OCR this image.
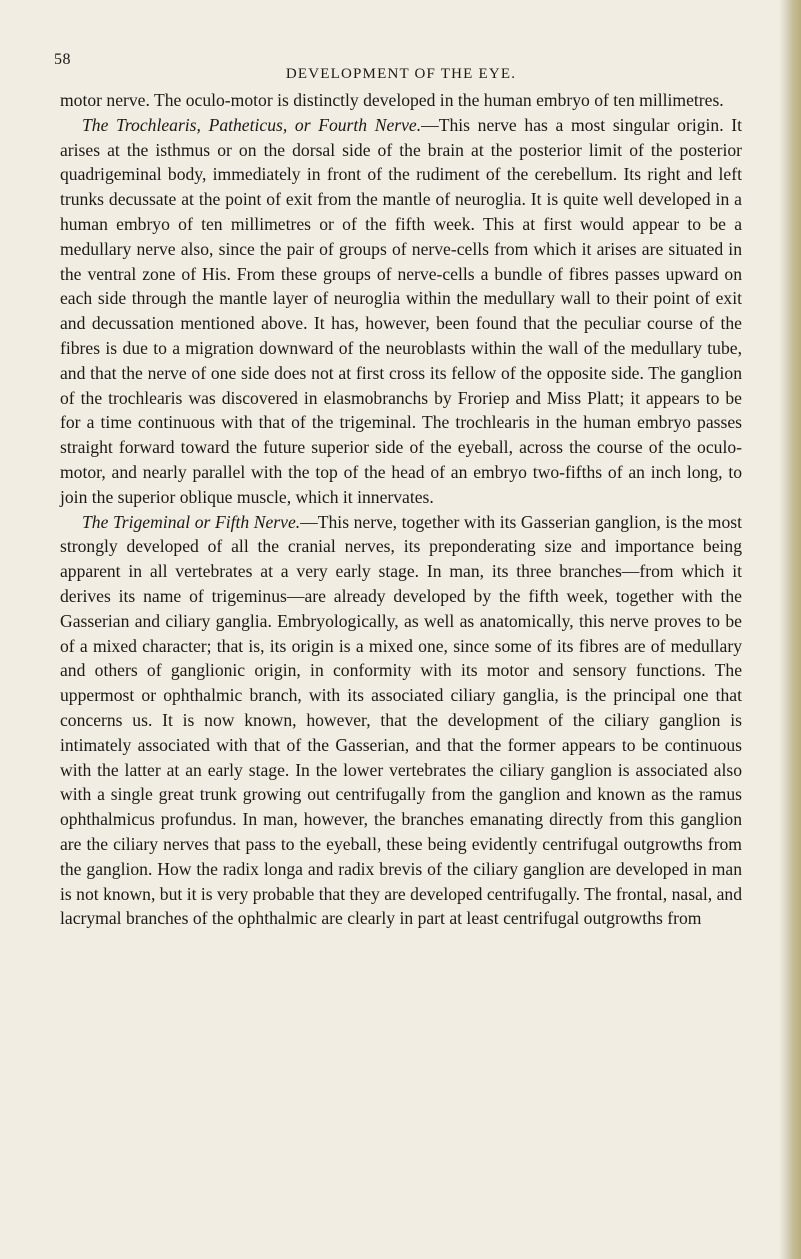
58
DEVELOPMENT OF THE EYE.

motor nerve. The oculo-motor is distinctly developed in the human embryo of ten millimetres.

The Trochlearis, Patheticus, or Fourth Nerve.—This nerve has a most singular origin. It arises at the isthmus or on the dorsal side of the brain at the posterior limit of the posterior quadrigeminal body, immediately in front of the rudiment of the cerebellum. Its right and left trunks decussate at the point of exit from the mantle of neuroglia. It is quite well developed in a human embryo of ten millimetres or of the fifth week. This at first would appear to be a medullary nerve also, since the pair of groups of nerve-cells from which it arises are situated in the ventral zone of His. From these groups of nerve-cells a bundle of fibres passes upward on each side through the mantle layer of neuroglia within the medullary wall to their point of exit and decussation mentioned above. It has, however, been found that the peculiar course of the fibres is due to a migration downward of the neuroblasts within the wall of the medullary tube, and that the nerve of one side does not at first cross its fellow of the opposite side. The ganglion of the trochlearis was discovered in elasmobranchs by Froriep and Miss Platt; it appears to be for a time continuous with that of the trigeminal. The trochlearis in the human embryo passes straight forward toward the future superior side of the eyeball, across the course of the oculo-motor, and nearly parallel with the top of the head of an embryo two-fifths of an inch long, to join the superior oblique muscle, which it innervates.

The Trigeminal or Fifth Nerve.—This nerve, together with its Gasserian ganglion, is the most strongly developed of all the cranial nerves, its preponderating size and importance being apparent in all vertebrates at a very early stage. In man, its three branches—from which it derives its name of trigeminus—are already developed by the fifth week, together with the Gasserian and ciliary ganglia. Embryologically, as well as anatomically, this nerve proves to be of a mixed character; that is, its origin is a mixed one, since some of its fibres are of medullary and others of ganglionic origin, in conformity with its motor and sensory functions. The uppermost or ophthalmic branch, with its associated ciliary ganglia, is the principal one that concerns us. It is now known, however, that the development of the ciliary ganglion is intimately associated with that of the Gasserian, and that the former appears to be continuous with the latter at an early stage. In the lower vertebrates the ciliary ganglion is associated also with a single great trunk growing out centrifugally from the ganglion and known as the ramus ophthalmicus profundus. In man, however, the branches emanating directly from this ganglion are the ciliary nerves that pass to the eyeball, these being evidently centrifugal outgrowths from the ganglion. How the radix longa and radix brevis of the ciliary ganglion are developed in man is not known, but it is very probable that they are developed centrifugally. The frontal, nasal, and lacrymal branches of the ophthalmic are clearly in part at least centrifugal outgrowths from
